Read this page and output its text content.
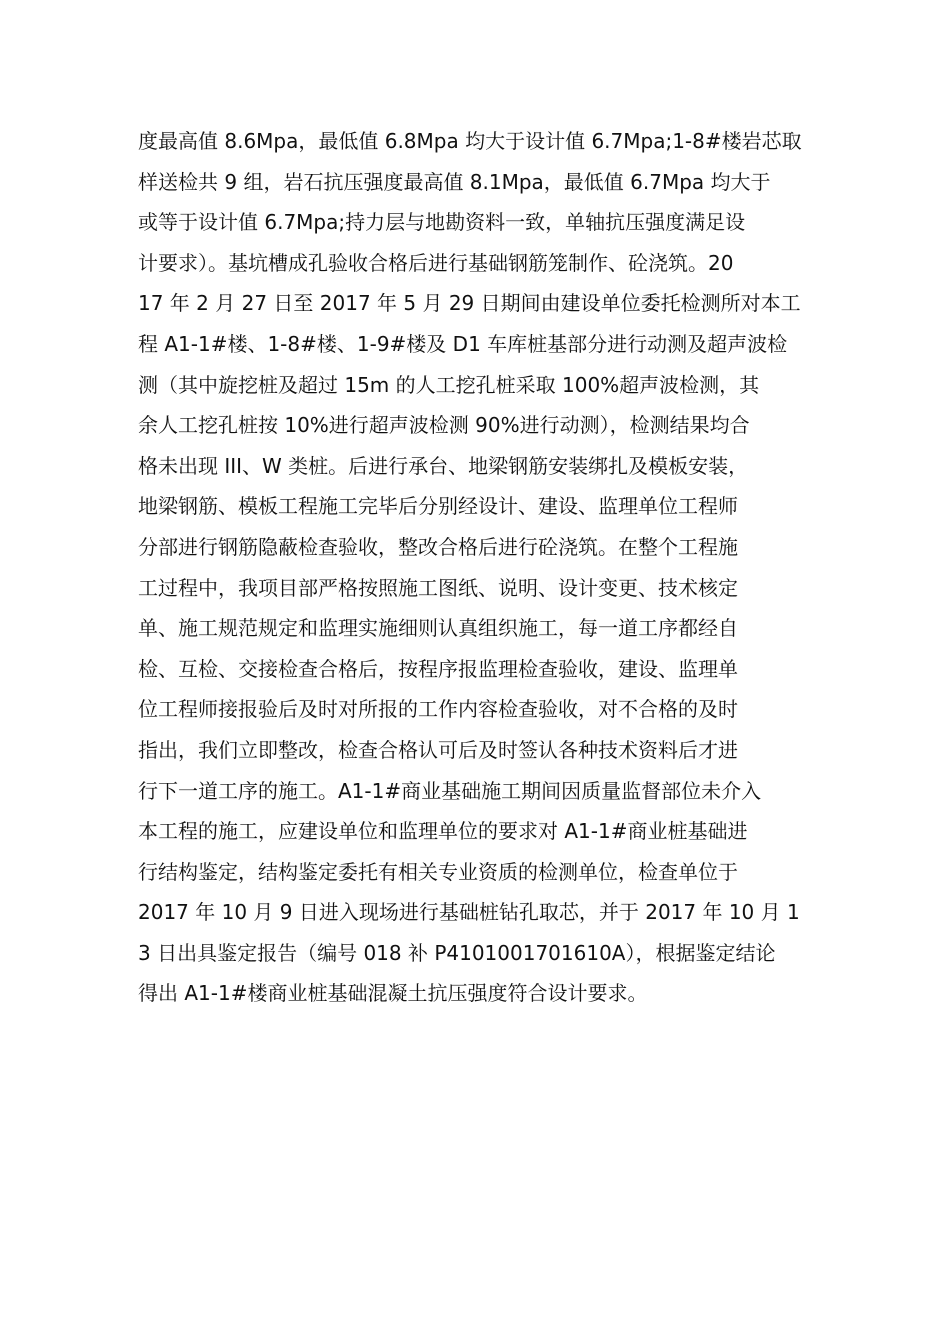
度最高值 8.6Mpa，最低值 6.8Mpa 均大于设计值 6.7Mpa;1-8#楼岩芯取
样送检共 9 组，岩石抗压强度最高值 8.1Mpa，最低值 6.7Mpa 均大于
或等于设计值 6.7Mpa;持力层与地勘资料一致，单轴抗压强度满足设
计要求）。基坑槽成孔验收合格后进行基础钢筋笼制作、砼浇筑。20
17 年 2 月 27 日至 2017 年 5 月 29 日期间由建设单位委托检测所对本工
程 A1-1#楼、1-8#楼、1-9#楼及 D1 车库桩基部分进行动测及超声波检
测（其中旋挖桩及超过 15m 的人工挖孔桩采取 100%超声波检测，其
余人工挖孔桩按 10%进行超声波检测 90%进行动测），检测结果均合
格未出现 III、W 类桩。后进行承台、地梁钢筋安装绑扎及模板安装，
地梁钢筋、模板工程施工完毕后分别经设计、建设、监理单位工程师
分部进行钢筋隐蔽检查验收，整改合格后进行砼浇筑。在整个工程施
工过程中，我项目部严格按照施工图纸、说明、设计变更、技术核定
单、施工规范规定和监理实施细则认真组织施工，每一道工序都经自
检、互检、交接检查合格后，按程序报监理检查验收，建设、监理单
位工程师接报验后及时对所报的工作内容检查验收，对不合格的及时
指出，我们立即整改，检查合格认可后及时签认各种技术资料后才进
行下一道工序的施工。A1-1#商业基础施工期间因质量监督部位未介入
本工程的施工，应建设单位和监理单位的要求对 A1-1#商业桩基础进
行结构鉴定，结构鉴定委托有相关专业资质的检测单位，检查单位于
2017 年 10 月 9 日进入现场进行基础桩钻孔取芯，并于 2017 年 10 月 1
3 日出具鉴定报告（编号 018 补 P4101001701610A），根据鉴定结论
得出 A1-1#楼商业桩基础混凝土抗压强度符合设计要求。
